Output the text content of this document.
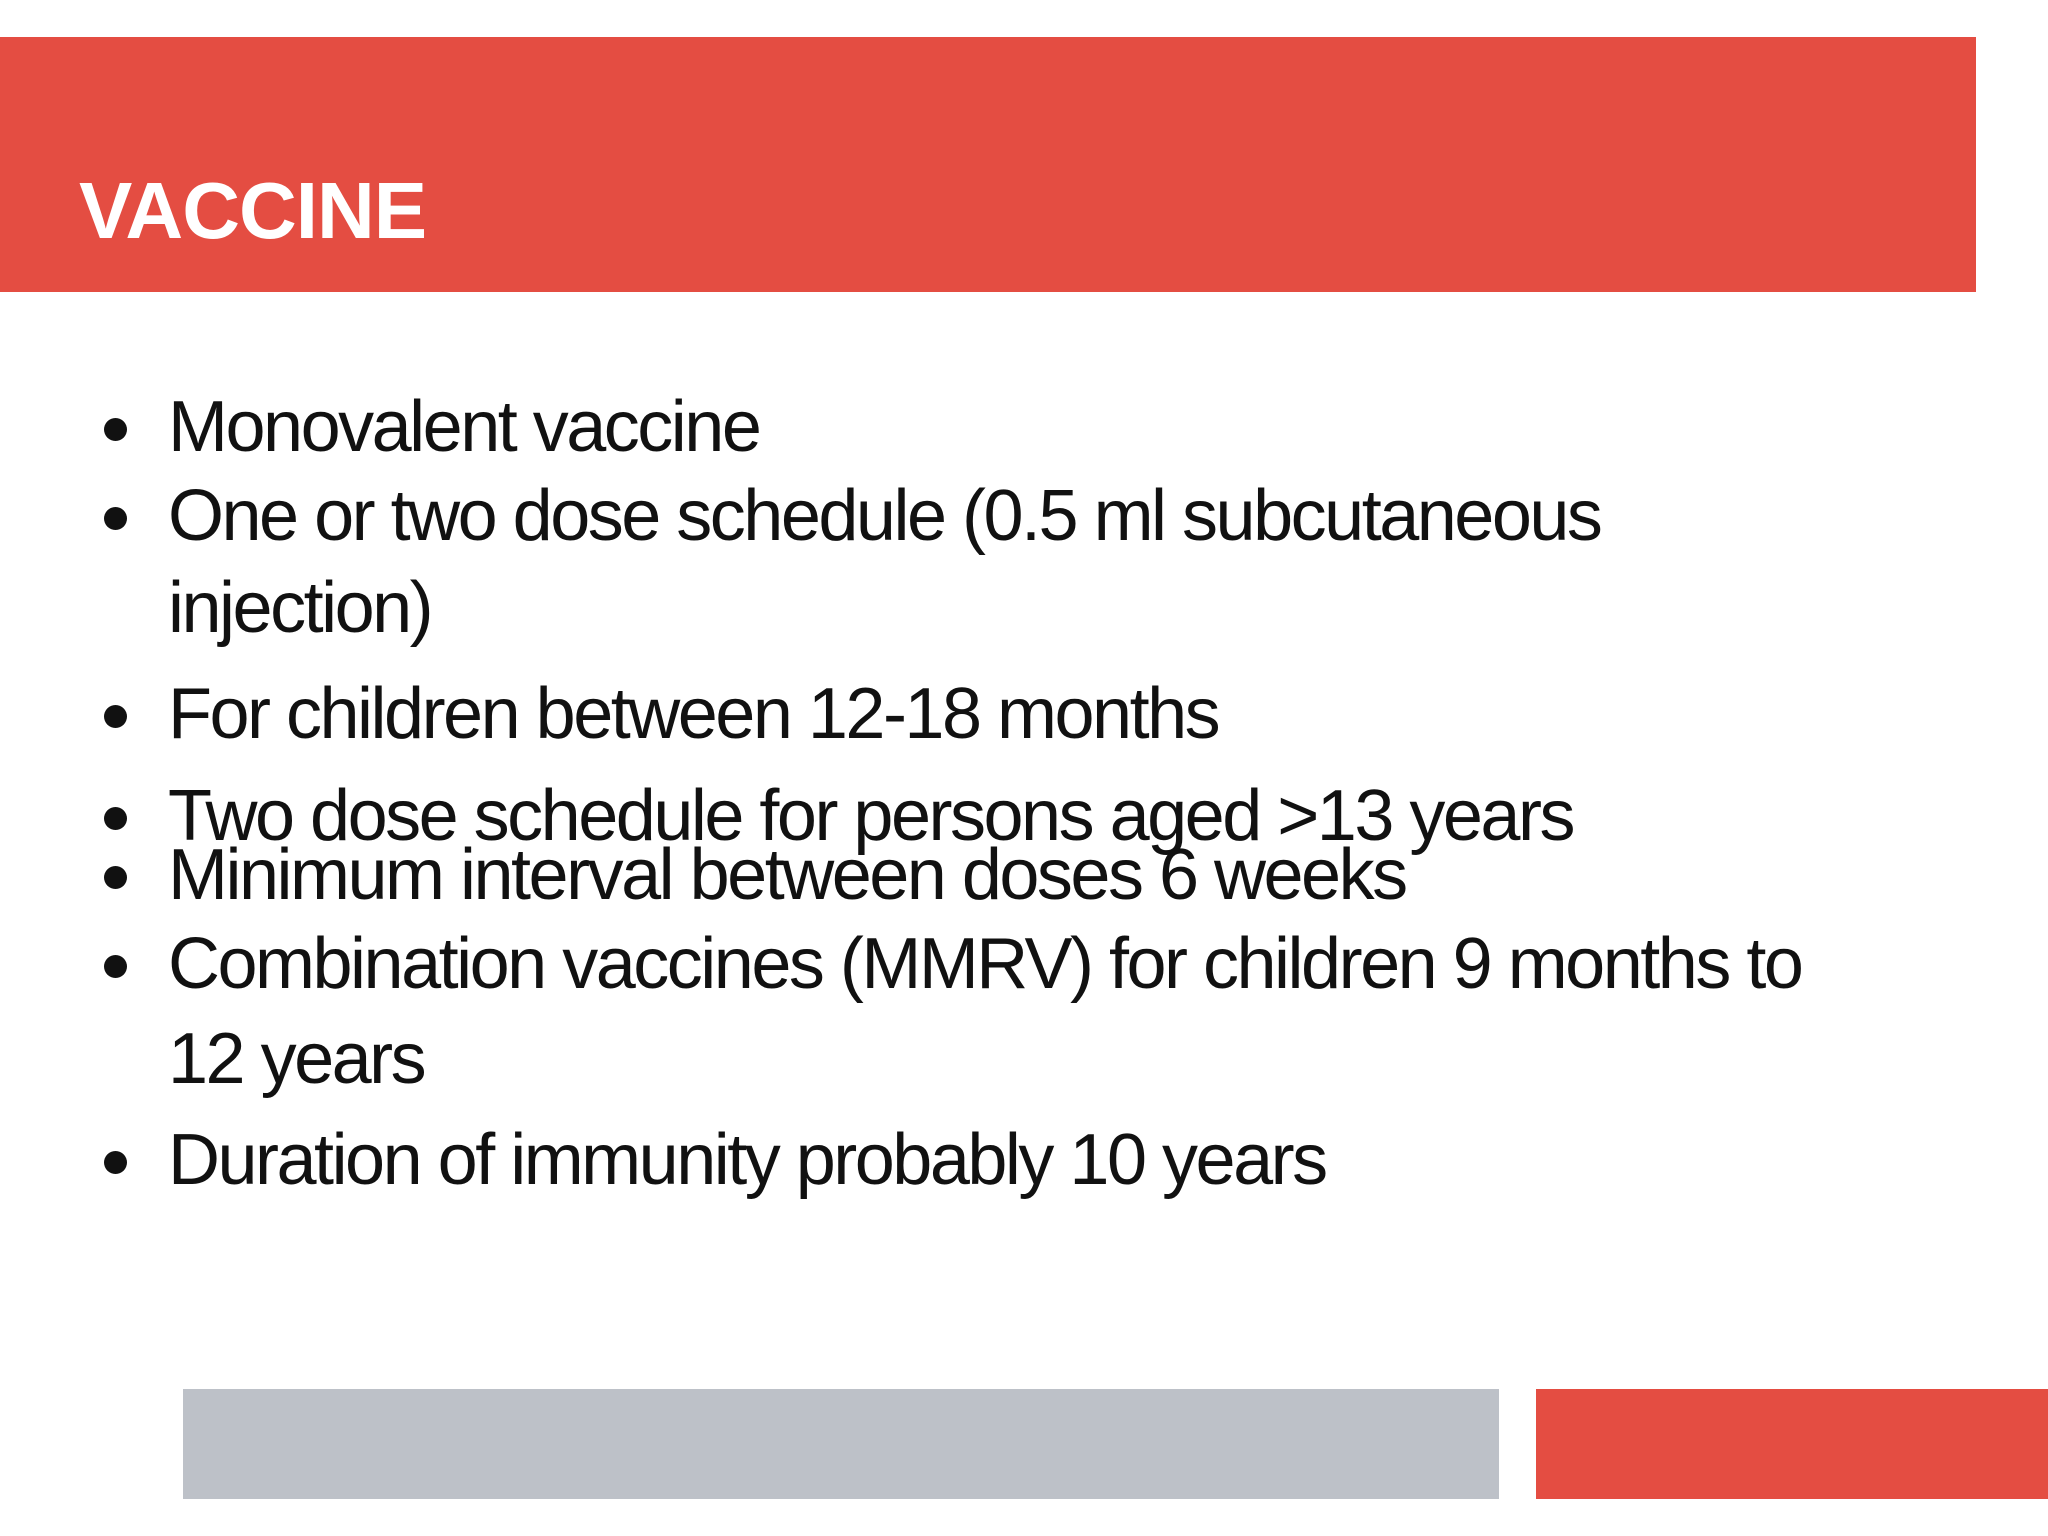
VACCINE

Monovalent vaccine

One or two dose schedule (0.5 ml subcutaneous

injection)

For children between 12-18 months

Two dose schedule for persons aged >13 years

Minimum interval between doses 6 weeks

Combination vaccines (MMRV) for children 9 months to

12 years

Duration of immunity probably 10 years
